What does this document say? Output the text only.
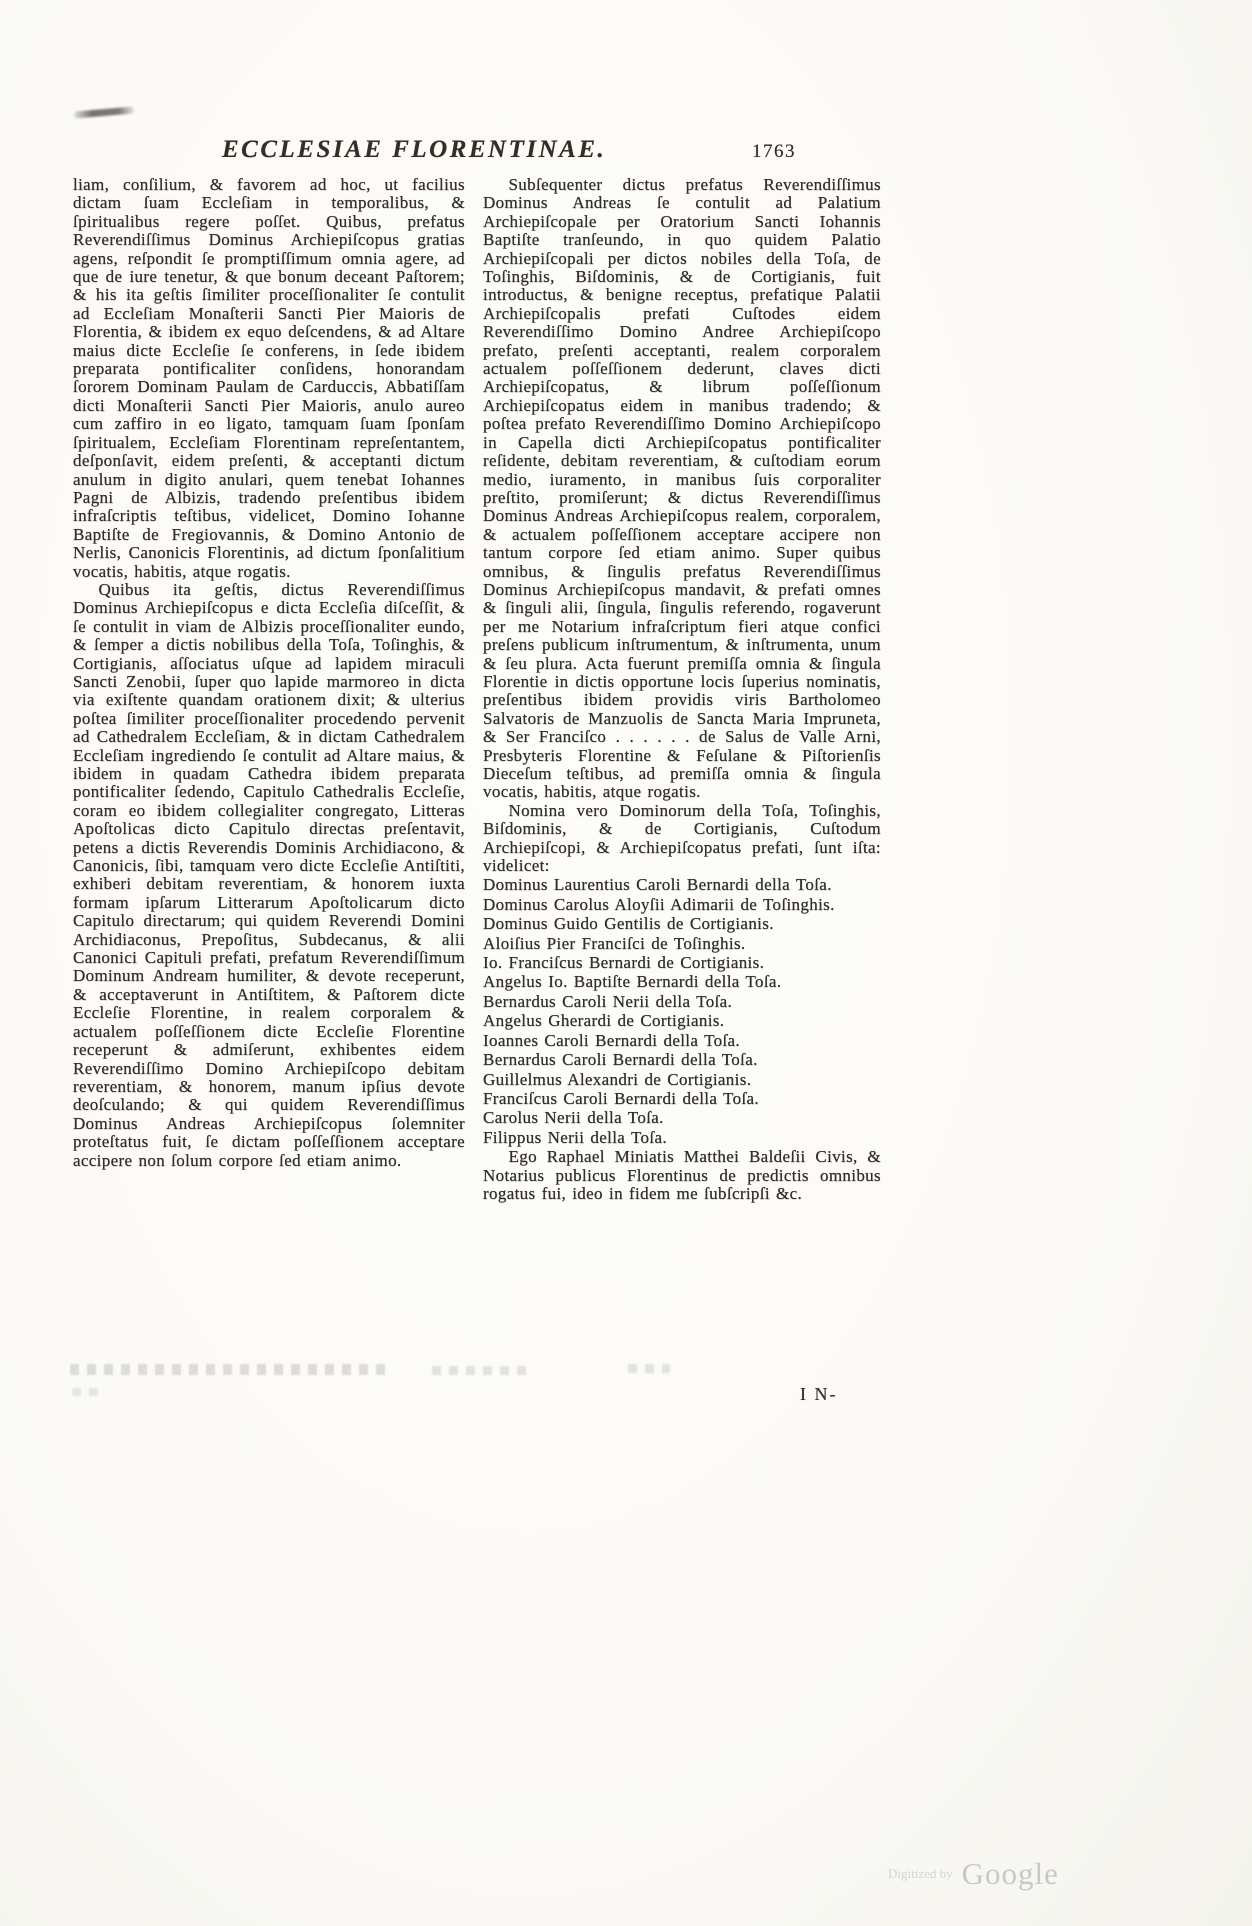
ECCLESIAE FLORENTINAE.	1763

liam, conſilium, & favorem ad hoc, ut facilius dictam ſuam Eccleſiam in temporalibus, & ſpiritualibus regere poſſet. Quibus, prefatus Reverendiſſimus Dominus Archiepiſcopus gratias agens, reſpondit ſe promptiſſimum omnia agere, ad que de iure tenetur, & que bonum deceant Paſtorem; & his ita geſtis ſimiliter proceſſionaliter ſe contulit ad Eccleſiam Monaſterii Sancti Pier Maioris de Florentia, & ibidem ex equo deſcendens, & ad Altare maius dicte Eccleſie ſe conferens, in ſede ibidem preparata pontificaliter conſidens, honorandam ſororem Dominam Paulam de Carduccis, Abbatiſſam dicti Monaſterii Sancti Pier Maioris, anulo aureo cum zaffiro in eo ligato, tamquam ſuam ſponſam ſpiritualem, Eccleſiam Florentinam repreſentantem, deſponſavit, eidem preſenti, & acceptanti dictum anulum in digito anulari, quem tenebat Iohannes Pagni de Albizis, tradendo preſentibus ibidem infraſcriptis teſtibus, videlicet, Domino Iohanne Baptiſte de Fregiovannis, & Domino Antonio de Nerlis, Canonicis Florentinis, ad dictum ſponſalitium vocatis, habitis, atque rogatis.

Quibus ita geſtis, dictus Reverendiſſimus Dominus Archiepiſcopus e dicta Eccleſia diſceſſit, & ſe contulit in viam de Albizis proceſſionaliter eundo, & ſemper a dictis nobilibus della Toſa, Toſinghis, & Cortigianis, aſſociatus uſque ad lapidem miraculi Sancti Zenobii, ſuper quo lapide marmoreo in dicta via exiſtente quandam orationem dixit; & ulterius poſtea ſimiliter proceſſionaliter procedendo pervenit ad Cathedralem Eccleſiam, & in dictam Cathedralem Eccleſiam ingrediendo ſe contulit ad Altare maius, & ibidem in quadam Cathedra ibidem preparata pontificaliter ſedendo, Capitulo Cathedralis Eccleſie, coram eo ibidem collegialiter congregato, Litteras Apoſtolicas dicto Capitulo directas preſentavit, petens a dictis Reverendis Dominis Archidiacono, & Canonicis, ſibi, tamquam vero dicte Eccleſie Antiſtiti, exhiberi debitam reverentiam, & honorem iuxta formam ipſarum Litterarum Apoſtolicarum dicto Capitulo directarum; qui quidem Reverendi Domini Archidiaconus, Prepoſitus, Subdecanus, & alii Canonici Capituli prefati, prefatum Reverendiſſimum Dominum Andream humiliter, & devote receperunt, & acceptaverunt in Antiſtitem, & Paſtorem dicte Eccleſie Florentine, in realem corporalem & actualem poſſeſſionem dicte Eccleſie Florentine receperunt & admiſerunt, exhibentes eidem Reverendiſſimo Domino Archiepiſcopo debitam reverentiam, & honorem, manum ipſius devote deoſculando; & qui quidem Reverendiſſimus Dominus Andreas Archiepiſcopus ſolemniter proteſtatus fuit, ſe dictam poſſeſſionem acceptare accipere non ſolum corpore ſed etiam animo.

Subſequenter dictus prefatus Reverendiſſimus Dominus Andreas ſe contulit ad Palatium Archiepiſcopale per Oratorium Sancti Iohannis Baptiſte tranſeundo, in quo quidem Palatio Archiepiſcopali per dictos nobiles della Toſa, de Toſinghis, Biſdominis, & de Cortigianis, fuit introductus, & benigne receptus, prefatique Palatii Archiepiſcopalis prefati Cuſtodes eidem Reverendiſſimo Domino Andree Archiepiſcopo prefato, preſenti acceptanti, realem corporalem actualem poſſeſſionem dederunt, claves dicti Archiepiſcopatus, & librum poſſeſſionum Archiepiſcopatus eidem in manibus tradendo; & poſtea prefato Reverendiſſimo Domino Archiepiſcopo in Capella dicti Archiepiſcopatus pontificaliter reſidente, debitam reverentiam, & cuſtodiam eorum medio, iuramento, in manibus ſuis corporaliter preſtito, promiſerunt; & dictus Reverendiſſimus Dominus Andreas Archiepiſcopus realem, corporalem, & actualem poſſeſſionem acceptare accipere non tantum corpore ſed etiam animo. Super quibus omnibus, & ſingulis prefatus Reverendiſſimus Dominus Archiepiſcopus mandavit, & prefati omnes & ſinguli alii, ſingula, ſingulis referendo, rogaverunt per me Notarium infraſcriptum fieri atque confici preſens publicum inſtrumentum, & inſtrumenta, unum & ſeu plura. Acta fuerunt premiſſa omnia & ſingula Florentie in dictis opportune locis ſuperius nominatis, preſentibus ibidem providis viris Bartholomeo Salvatoris de Manzuolis de Sancta Maria Impruneta, & Ser Franciſco . . . . . . de Salus de Valle Arni, Presbyteris Florentine & Feſulane & Piſtorienſis Dieceſum teſtibus, ad premiſſa omnia & ſingula vocatis, habitis, atque rogatis.

Nomina vero Dominorum della Toſa, Toſinghis, Biſdominis, & de Cortigianis, Cuſtodum Archiepiſcopi, & Archiepiſcopatus prefati, ſunt iſta: videlicet:

Dominus Laurentius Caroli Bernardi della Toſa.
Dominus Carolus Aloyſii Adimarii de Toſinghis.
Dominus Guido Gentilis de Cortigianis.
Aloiſius Pier Franciſci de Toſinghis.
Io. Franciſcus Bernardi de Cortigianis.
Angelus Io. Baptiſte Bernardi della Toſa.
Bernardus Caroli Nerii della Toſa.
Angelus Gherardi de Cortigianis.
Ioannes Caroli Bernardi della Toſa.
Bernardus Caroli Bernardi della Toſa.
Guillelmus Alexandri de Cortigianis.
Franciſcus Caroli Bernardi della Toſa.
Carolus Nerii della Toſa.
Filippus Nerii della Toſa.

Ego Raphael Miniatis Matthei Baldeſii Civis, & Notarius publicus Florentinus de predictis omnibus rogatus fui, ideo in fidem me ſubſcripſi &c.

I N-
$^{Digitized by}$ Google
